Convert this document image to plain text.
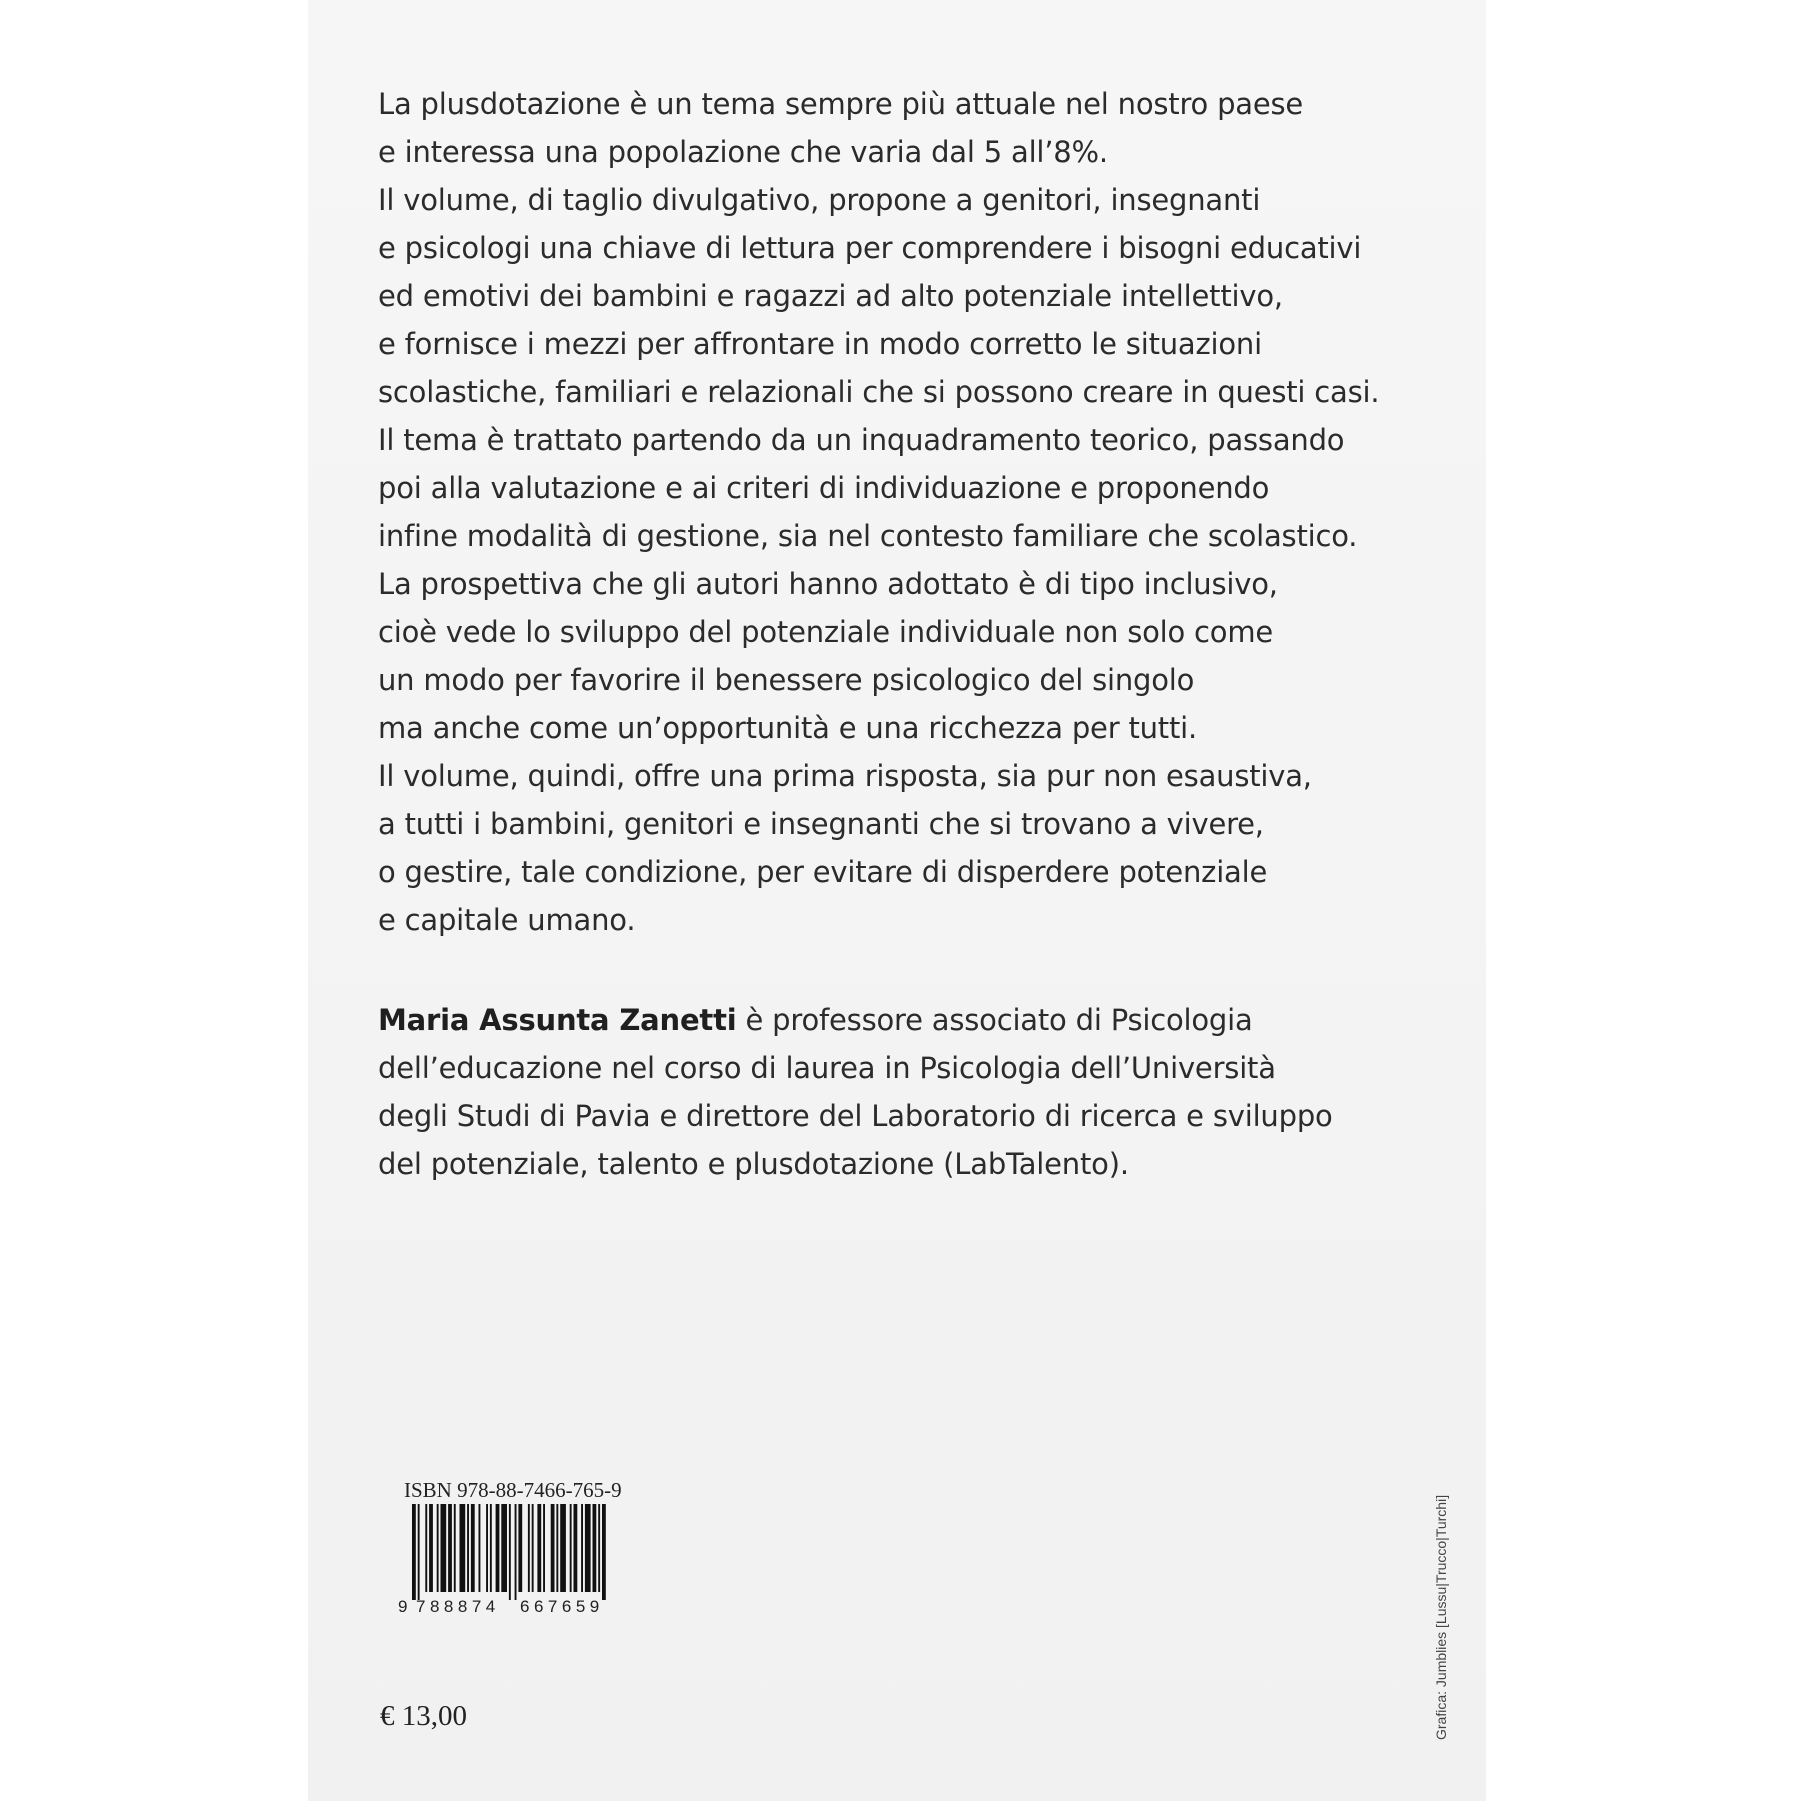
La plusdotazione è un tema sempre più attuale nel nostro paese
e interessa una popolazione che varia dal 5 all’8%.
Il volume, di taglio divulgativo, propone a genitori, insegnanti
e psicologi una chiave di lettura per comprendere i bisogni educativi
ed emotivi dei bambini e ragazzi ad alto potenziale intellettivo,
e fornisce i mezzi per affrontare in modo corretto le situazioni
scolastiche, familiari e relazionali che si possono creare in questi casi.
Il tema è trattato partendo da un inquadramento teorico, passando
poi alla valutazione e ai criteri di individuazione e proponendo
infine modalità di gestione, sia nel contesto familiare che scolastico.
La prospettiva che gli autori hanno adottato è di tipo inclusivo,
cioè vede lo sviluppo del potenziale individuale non solo come
un modo per favorire il benessere psicologico del singolo
ma anche come un’opportunità e una ricchezza per tutti.
Il volume, quindi, offre una prima risposta, sia pur non esaustiva,
a tutti i bambini, genitori e insegnanti che si trovano a vivere,
o gestire, tale condizione, per evitare di disperdere potenziale
e capitale umano.
Maria Assunta Zanetti è professore associato di Psicologia
dell’educazione nel corso di laurea in Psicologia dell’Università
degli Studi di Pavia e direttore del Laboratorio di ricerca e sviluppo
del potenziale, talento e plusdotazione (LabTalento).
ISBN 978-88-7466-765-9
9 788874 667659
€ 13,00	Grafica: Jumblies [Lussu|Trucco|Turchi]
